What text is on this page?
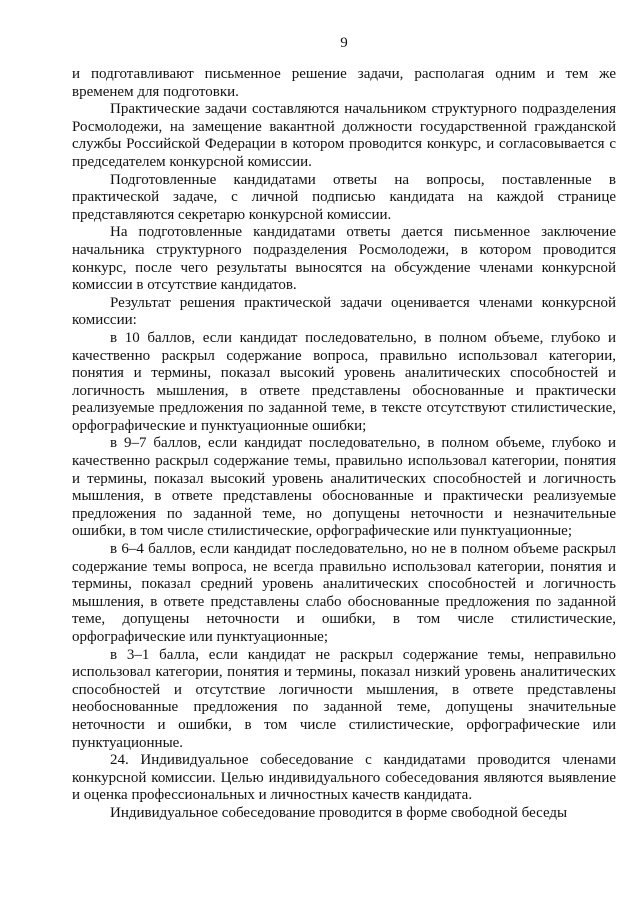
9

и подготавливают письменное решение задачи, располагая одним и тем же временем для подготовки.

Практические задачи составляются начальником структурного подразделения Росмолодежи, на замещение вакантной должности государственной гражданской службы Российской Федерации в котором проводится конкурс, и согласовывается с председателем конкурсной комиссии.

Подготовленные кандидатами ответы на вопросы, поставленные в практической задаче, с личной подписью кандидата на каждой странице представляются секретарю конкурсной комиссии.

На подготовленные кандидатами ответы дается письменное заключение начальника структурного подразделения Росмолодежи, в котором проводится конкурс, после чего результаты выносятся на обсуждение членами конкурсной комиссии в отсутствие кандидатов.

Результат решения практической задачи оценивается членами конкурсной комиссии:

в 10 баллов, если кандидат последовательно, в полном объеме, глубоко и качественно раскрыл содержание вопроса, правильно использовал категории, понятия и термины, показал высокий уровень аналитических способностей и логичность мышления, в ответе представлены обоснованные и практически реализуемые предложения по заданной теме, в тексте отсутствуют стилистические, орфографические и пунктуационные ошибки;

в 9–7 баллов, если кандидат последовательно, в полном объеме, глубоко и качественно раскрыл содержание темы, правильно использовал категории, понятия и термины, показал высокий уровень аналитических способностей и логичность мышления, в ответе представлены обоснованные и практически реализуемые предложения по заданной теме, но допущены неточности и незначительные ошибки, в том числе стилистические, орфографические или пунктуационные;

в 6–4 баллов, если кандидат последовательно, но не в полном объеме раскрыл содержание темы вопроса, не всегда правильно использовал категории, понятия и термины, показал средний уровень аналитических способностей и логичность мышления, в ответе представлены слабо обоснованные предложения по заданной теме, допущены неточности и ошибки, в том числе стилистические, орфографические или пунктуационные;

в 3–1 балла, если кандидат не раскрыл содержание темы, неправильно использовал категории, понятия и термины, показал низкий уровень аналитических способностей и отсутствие логичности мышления, в ответе представлены необоснованные предложения по заданной теме, допущены значительные неточности и ошибки, в том числе стилистические, орфографические или пунктуационные.

24. Индивидуальное собеседование с кандидатами проводится членами конкурсной комиссии. Целью индивидуального собеседования являются выявление и оценка профессиональных и личностных качеств кандидата.

Индивидуальное собеседование проводится в форме свободной беседы
